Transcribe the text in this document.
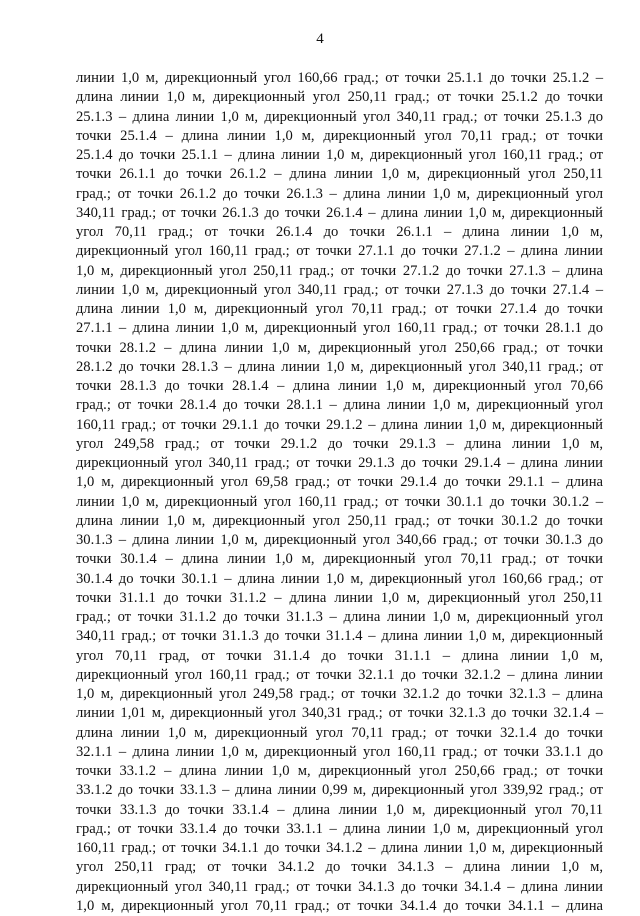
4
линии 1,0 м, дирекционный угол 160,66 град.; от точки 25.1.1 до точки 25.1.2 –
длина линии 1,0 м, дирекционный угол 250,11 град.; от точки 25.1.2 до точки
25.1.3 – длина линии 1,0 м, дирекционный угол 340,11 град.; от точки 25.1.3 до
точки 25.1.4 – длина линии 1,0 м, дирекционный угол 70,11 град.; от точки
25.1.4 до точки 25.1.1 – длина линии 1,0 м, дирекционный угол 160,11 град.; от
точки 26.1.1 до точки 26.1.2 – длина линии 1,0 м, дирекционный угол 250,11
град.; от точки 26.1.2 до точки 26.1.3 – длина линии 1,0 м, дирекционный угол
340,11 град.; от точки 26.1.3 до точки 26.1.4 – длина линии 1,0 м, дирекционный
угол 70,11 град.; от точки 26.1.4 до точки 26.1.1 – длина линии 1,0 м,
дирекционный угол 160,11 град.; от точки 27.1.1 до точки 27.1.2 – длина линии
1,0 м, дирекционный угол 250,11 град.; от точки 27.1.2 до точки 27.1.3 – длина
линии 1,0 м, дирекционный угол 340,11 град.; от точки 27.1.3 до точки 27.1.4 –
длина линии 1,0 м, дирекционный угол 70,11 град.; от точки 27.1.4 до точки
27.1.1 – длина линии 1,0 м, дирекционный угол 160,11 град.; от точки 28.1.1 до
точки 28.1.2 – длина линии 1,0 м, дирекционный угол 250,66 град.; от точки
28.1.2 до точки 28.1.3 – длина линии 1,0 м, дирекционный угол 340,11 град.; от
точки 28.1.3 до точки 28.1.4 – длина линии 1,0 м, дирекционный угол 70,66
град.; от точки 28.1.4 до точки 28.1.1 – длина линии 1,0 м, дирекционный угол
160,11 град.; от точки 29.1.1 до точки 29.1.2 – длина линии 1,0 м, дирекционный
угол 249,58 град.; от точки 29.1.2 до точки 29.1.3 – длина линии 1,0 м,
дирекционный угол 340,11 град.; от точки 29.1.3 до точки 29.1.4 – длина линии
1,0 м, дирекционный угол 69,58 град.; от точки 29.1.4 до точки 29.1.1 – длина
линии 1,0 м, дирекционный угол 160,11 град.; от точки 30.1.1 до точки 30.1.2 –
длина линии 1,0 м, дирекционный угол 250,11 град.; от точки 30.1.2 до точки
30.1.3 – длина линии 1,0 м, дирекционный угол 340,66 град.; от точки 30.1.3 до
точки 30.1.4 – длина линии 1,0 м, дирекционный угол 70,11 град.; от точки
30.1.4 до точки 30.1.1 – длина линии 1,0 м, дирекционный угол 160,66 град.; от
точки 31.1.1 до точки 31.1.2 – длина линии 1,0 м, дирекционный угол 250,11
град.; от точки 31.1.2 до точки 31.1.3 – длина линии 1,0 м, дирекционный угол
340,11 град.; от точки 31.1.3 до точки 31.1.4 – длина линии 1,0 м, дирекционный
угол 70,11 град, от точки 31.1.4 до точки 31.1.1 – длина линии 1,0 м,
дирекционный угол 160,11 град.; от точки 32.1.1 до точки 32.1.2 – длина линии
1,0 м, дирекционный угол 249,58 град.; от точки 32.1.2 до точки 32.1.3 – длина
линии 1,01 м, дирекционный угол 340,31 град.; от точки 32.1.3 до точки 32.1.4 –
длина линии 1,0 м, дирекционный угол 70,11 град.; от точки 32.1.4 до точки
32.1.1 – длина линии 1,0 м, дирекционный угол 160,11 град.; от точки 33.1.1 до
точки 33.1.2 – длина линии 1,0 м, дирекционный угол 250,66 град.; от точки
33.1.2 до точки 33.1.3 – длина линии 0,99 м, дирекционный угол 339,92 град.; от
точки 33.1.3 до точки 33.1.4 – длина линии 1,0 м, дирекционный угол 70,11
град.; от точки 33.1.4 до точки 33.1.1 – длина линии 1,0 м, дирекционный угол
160,11 град.; от точки 34.1.1 до точки 34.1.2 – длина линии 1,0 м, дирекционный
угол 250,11 град; от точки 34.1.2 до точки 34.1.3 – длина линии 1,0 м,
дирекционный угол 340,11 град.; от точки 34.1.3 до точки 34.1.4 – длина линии
1,0 м, дирекционный угол 70,11 град.; от точки 34.1.4 до точки 34.1.1 – длина
